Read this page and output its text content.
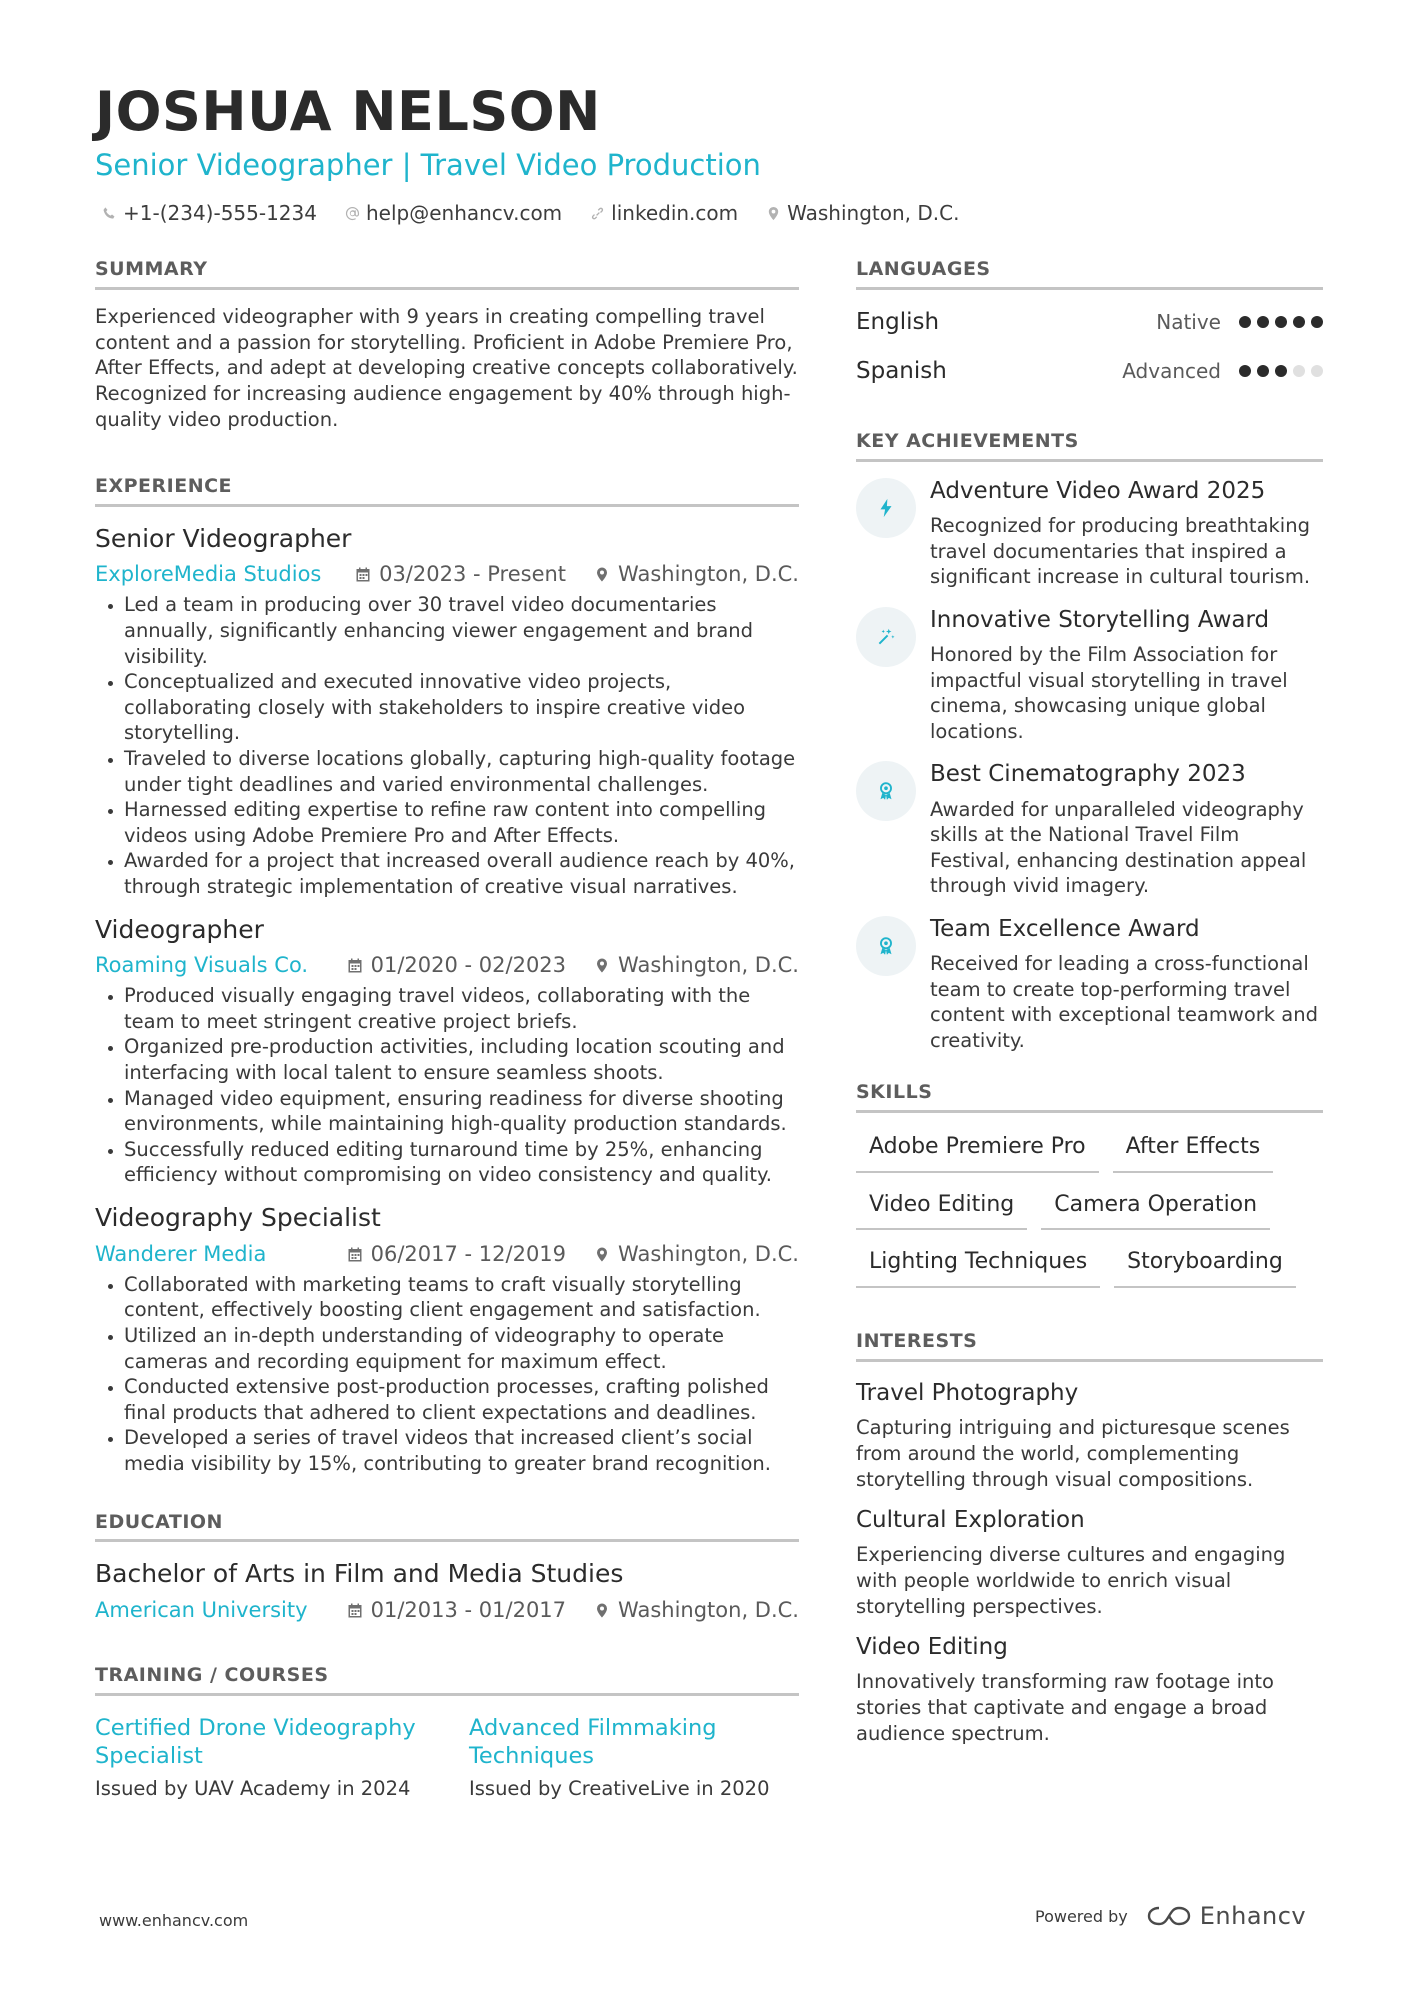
JOSHUA NELSON
Senior Videographer | Travel Video Production
+1-(234)-555-1234 help@enhancv.com linkedin.com Washington, D.C.
SUMMARY

Experienced videographer with 9 years in creating compelling travel content and a passion for storytelling. Proficient in Adobe Premiere Pro, After Effects, and adept at developing creative concepts collaboratively. Recognized for increasing audience engagement by 40% through high-quality video production.

EXPERIENCE
Senior Videographer
ExploreMedia Studios	03/2023 - Present Washington, D.C.
• Led a team in producing over 30 travel video documentaries annually, significantly enhancing viewer engagement and brand visibility.
• Conceptualized and executed innovative video projects, collaborating closely with stakeholders to inspire creative video storytelling.
• Traveled to diverse locations globally, capturing high-quality footage under tight deadlines and varied environmental challenges.
• Harnessed editing expertise to refine raw content into compelling videos using Adobe Premiere Pro and After Effects.
• Awarded for a project that increased overall audience reach by 40%, through strategic implementation of creative visual narratives.
Videographer
Roaming Visuals Co.	01/2020 - 02/2023 Washington, D.C.
• Produced visually engaging travel videos, collaborating with the team to meet stringent creative project briefs.
• Organized pre-production activities, including location scouting and interfacing with local talent to ensure seamless shoots.
• Managed video equipment, ensuring readiness for diverse shooting environments, while maintaining high-quality production standards.
• Successfully reduced editing turnaround time by 25%, enhancing efficiency without compromising on video consistency and quality.
Videography Specialist
Wanderer Media	06/2017 - 12/2019 Washington, D.C.
• Collaborated with marketing teams to craft visually storytelling content, effectively boosting client engagement and satisfaction.
• Utilized an in-depth understanding of videography to operate cameras and recording equipment for maximum effect.
• Conducted extensive post-production processes, crafting polished final products that adhered to client expectations and deadlines.
• Developed a series of travel videos that increased client’s social media visibility by 15%, contributing to greater brand recognition.
EDUCATION
Bachelor of Arts in Film and Media Studies
American University	01/2013 - 01/2017 Washington, D.C.
TRAINING / COURSES
Certified Drone Videography Specialist
Issued by UAV Academy in 2024
Advanced Filmmaking Techniques
Issued by CreativeLive in 2020
LANGUAGES
English	Native
Spanish	Advanced
KEY ACHIEVEMENTS
Adventure Video Award 2025

Recognized for producing breathtaking travel documentaries that inspired a significant increase in cultural tourism.

Innovative Storytelling Award

Honored by the Film Association for impactful visual storytelling in travel cinema, showcasing unique global locations.

Best Cinematography 2023

Awarded for unparalleled videography skills at the National Travel Film Festival, enhancing destination appeal through vivid imagery.

Team Excellence Award

Received for leading a cross-functional team to create top-performing travel content with exceptional teamwork and creativity.

SKILLS
Adobe Premiere Pro	After Effects
Video Editing	Camera Operation
Lighting Techniques	Storyboarding
INTERESTS
Travel Photography

Capturing intriguing and picturesque scenes from around the world, complementing storytelling through visual compositions.

Cultural Exploration

Experiencing diverse cultures and engaging with people worldwide to enrich visual storytelling perspectives.

Video Editing

Innovatively transforming raw footage into stories that captivate and engage a broad audience spectrum.

www.enhancv.com	Powered by	Enhancv
